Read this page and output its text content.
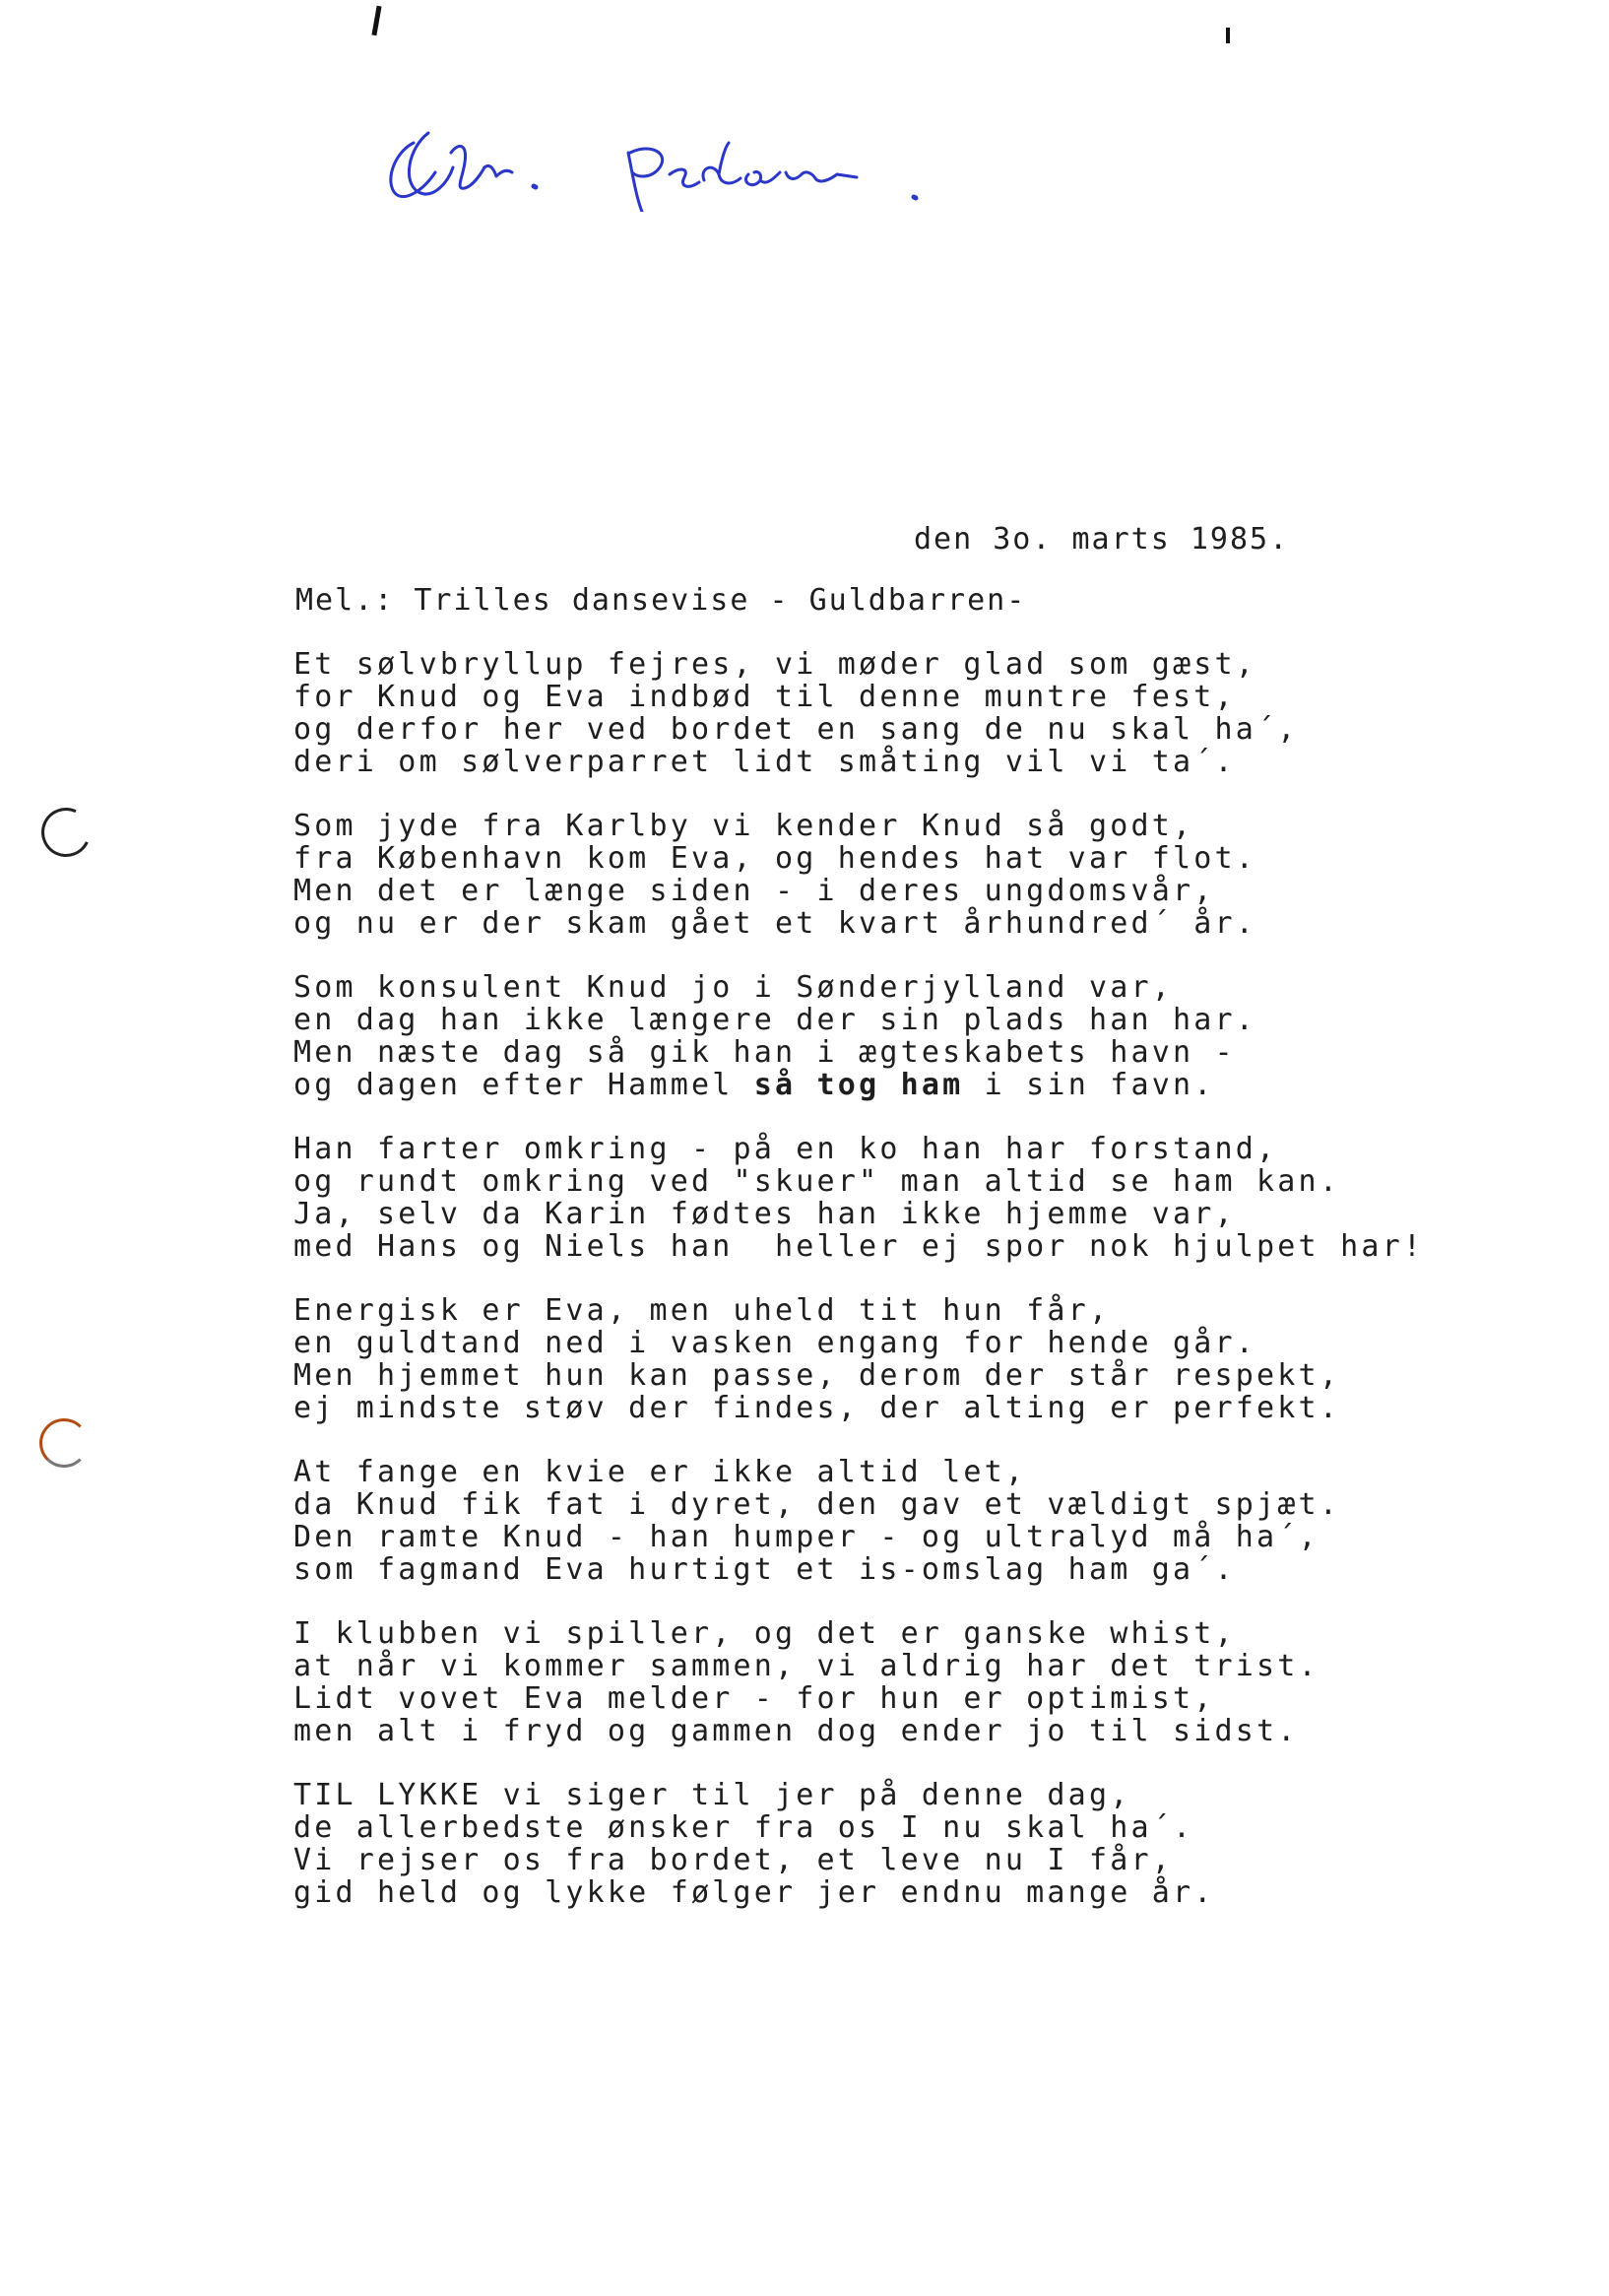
den 3o. marts 1985.
Mel.: Trilles dansevise - Guldbarren-
Et sølvbryllup fejres, vi møder glad som gæst,
for Knud og Eva indbød til denne muntre fest,
og derfor her ved bordet en sang de nu skal ha´,
deri om sølverparret lidt småting vil vi ta´.
Som jyde fra Karlby vi kender Knud så godt,
fra København kom Eva, og hendes hat var flot.
Men det er længe siden - i deres ungdomsvår,
og nu er der skam gået et kvart århundred´ år.
Som konsulent Knud jo i Sønderjylland var,
en dag han ikke længere der sin plads han har.
Men næste dag så gik han i ægteskabets havn -
og dagen efter Hammel så tog ham i sin favn.
Han farter omkring - på en ko han har forstand,
og rundt omkring ved "skuer" man altid se ham kan.
Ja, selv da Karin fødtes han ikke hjemme var,
med Hans og Niels han  heller ej spor nok hjulpet har!
Energisk er Eva, men uheld tit hun får,
en guldtand ned i vasken engang for hende går.
Men hjemmet hun kan passe, derom der står respekt,
ej mindste støv der findes, der alting er perfekt.
At fange en kvie er ikke altid let,
da Knud fik fat i dyret, den gav et vældigt spjæt.
Den ramte Knud - han humper - og ultralyd må ha´,
som fagmand Eva hurtigt et is-omslag ham ga´.
I klubben vi spiller, og det er ganske whist,
at når vi kommer sammen, vi aldrig har det trist.
Lidt vovet Eva melder - for hun er optimist,
men alt i fryd og gammen dog ender jo til sidst.
TIL LYKKE vi siger til jer på denne dag,
de allerbedste ønsker fra os I nu skal ha´.
Vi rejser os fra bordet, et leve nu I får,
gid held og lykke følger jer endnu mange år.
